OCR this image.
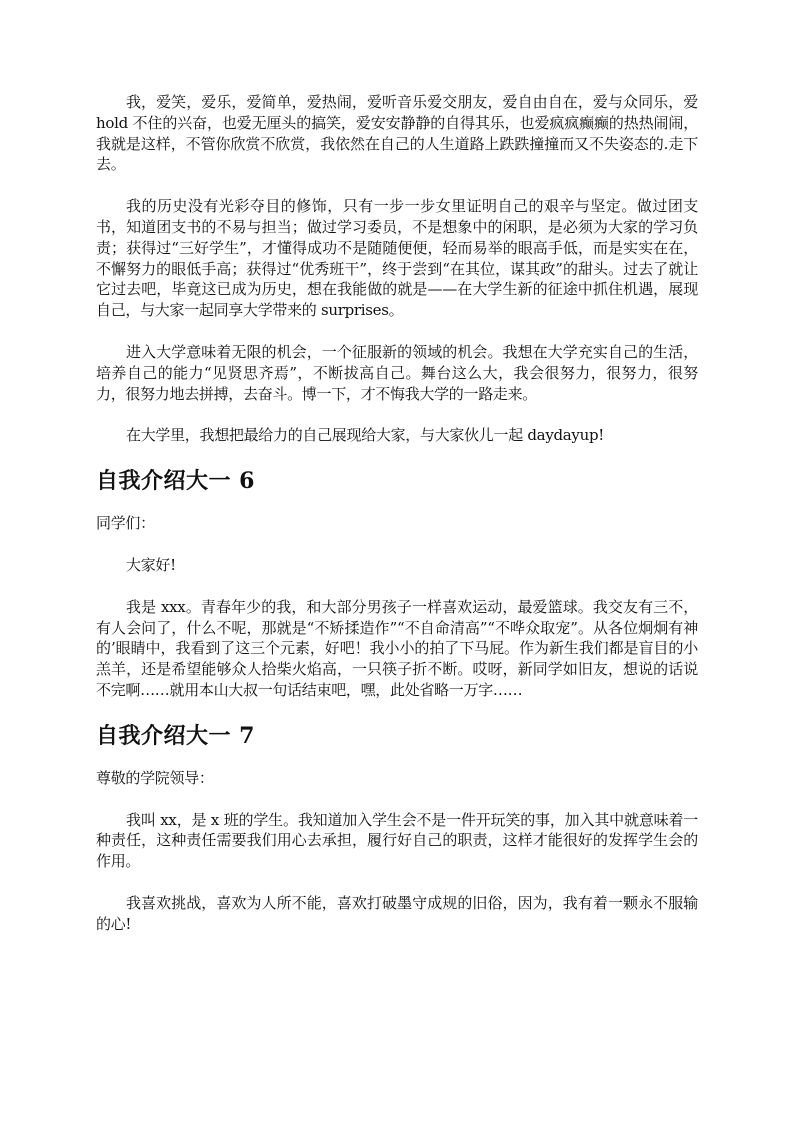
我，爱笑，爱乐，爱简单，爱热闹，爱听音乐爱交朋友，爱自由自在，爱与众同乐，爱 hold 不住的兴奋，也爱无厘头的搞笑，爱安安静静的自得其乐，也爱疯疯癫癫的热热闹闹，我就是这样，不管你欣赏不欣赏，我依然在自己的人生道路上跌跌撞撞而又不失姿态的.走下去。

我的历史没有光彩夺目的修饰，只有一步一步女里证明自己的艰辛与坚定。做过团支书，知道团支书的不易与担当；做过学习委员，不是想象中的闲职，是必须为大家的学习负责；获得过“三好学生”，才懂得成功不是随随便便，轻而易举的眼高手低，而是实实在在，不懈努力的眼低手高；获得过“优秀班干”，终于尝到“在其位，谋其政”的甜头。过去了就让它过去吧，毕竟这已成为历史，想在我能做的就是——在大学生新的征途中抓住机遇，展现自己，与大家一起同享大学带来的 surprises。

进入大学意味着无限的机会，一个征服新的领域的机会。我想在大学充实自己的生活，培养自己的能力“见贤思齐焉”，不断拔高自己。舞台这么大，我会很努力，很努力，很努力，很努力地去拼搏，去奋斗。博一下，才不悔我大学的一路走来。

在大学里，我想把最给力的自己展现给大家，与大家伙儿一起 daydayup!

自我介绍大一 6

同学们：

大家好!

我是 xxx。青春年少的我，和大部分男孩子一样喜欢运动，最爱篮球。我交友有三不，有人会问了，什么不呢，那就是“不矫揉造作”“不自命清高”“不哗众取宠”。从各位炯炯有神的’眼睛中，我看到了这三个元素，好吧！我小小的拍了下马屁。作为新生我们都是盲目的小羔羊，还是希望能够众人拾柴火焰高，一只筷子折不断。哎呀，新同学如旧友，想说的话说不完啊……就用本山大叔一句话结束吧，嘿，此处省略一万字……

自我介绍大一 7

尊敬的学院领导：

我叫 xx，是 x 班的学生。我知道加入学生会不是一件开玩笑的事，加入其中就意味着一种责任，这种责任需要我们用心去承担，履行好自己的职责，这样才能很好的发挥学生会的作用。

我喜欢挑战，喜欢为人所不能，喜欢打破墨守成规的旧俗，因为，我有着一颗永不服输的心!
